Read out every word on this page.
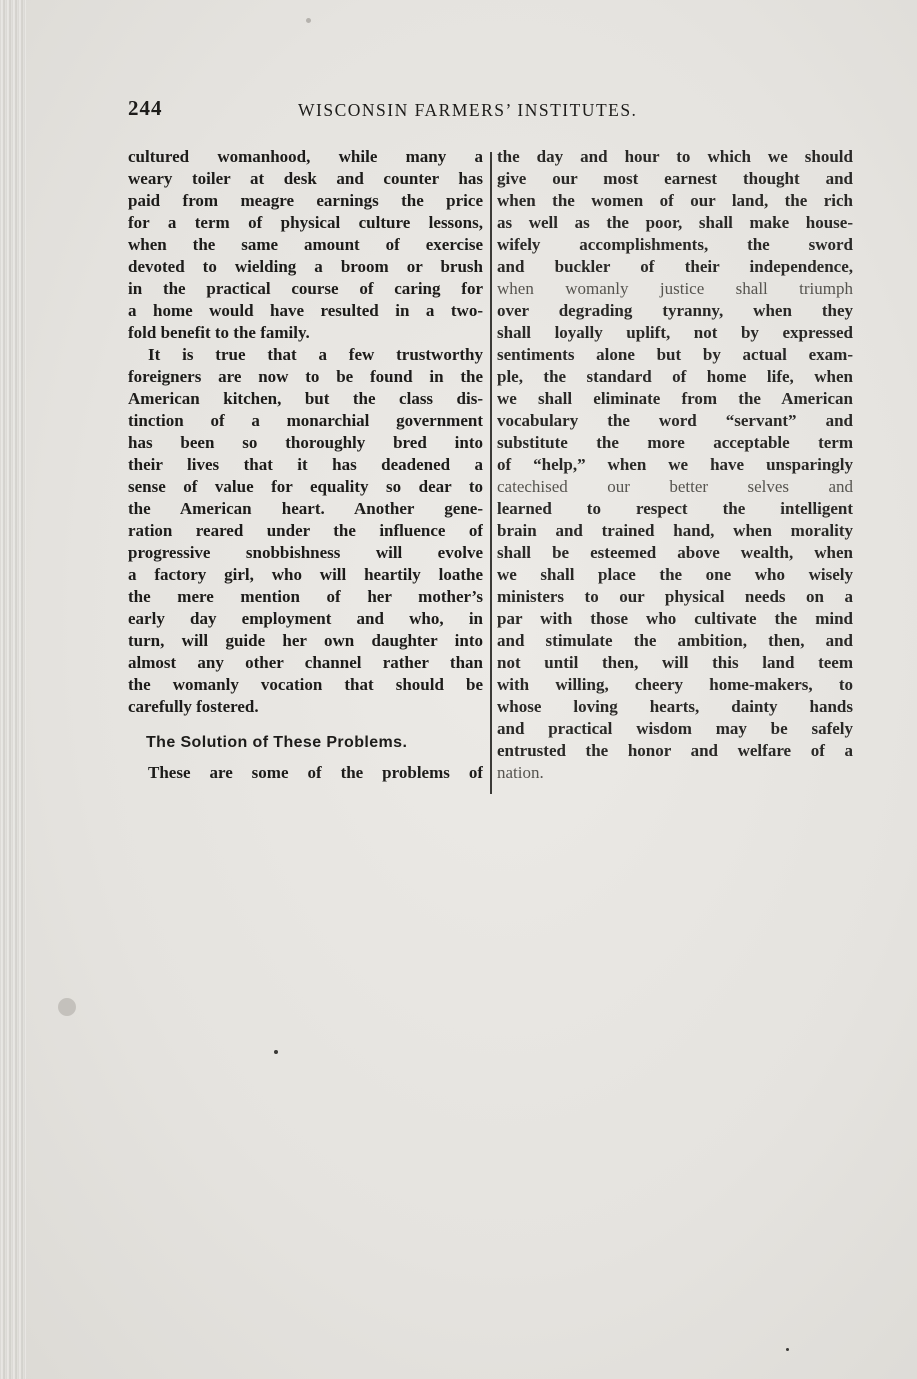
244	WISCONSIN FARMERS’ INSTITUTES.
cultured womanhood, while many a
weary toiler at desk and counter has
paid from meagre earnings the price
for a term of physical culture lessons,
when the same amount of exercise
devoted to wielding a broom or brush
in the practical course of caring for
a home would have resulted in a two-
fold benefit to the family.
It is true that a few trustworthy
foreigners are now to be found in the
American kitchen, but the class dis-
tinction of a monarchial government
has been so thoroughly bred into
their lives that it has deadened a
sense of value for equality so dear to
the American heart. Another gene-
ration reared under the influence of
progressive snobbishness will evolve
a factory girl, who will heartily loathe
the mere mention of her mother’s
early day employment and who, in
turn, will guide her own daughter into
almost any other channel rather than
the womanly vocation that should be
carefully fostered.
The Solution of These Problems.
These are some of the problems of
the day and hour to which we should
give our most earnest thought and
when the women of our land, the rich
as well as the poor, shall make house-
wifely accomplishments, the sword
and buckler of their independence,
when womanly justice shall triumph
over degrading tyranny, when they
shall loyally uplift, not by expressed
sentiments alone but by actual exam-
ple, the standard of home life, when
we shall eliminate from the American
vocabulary the word “servant” and
substitute the more acceptable term
of “help,” when we have unsparingly
catechised our better selves and
learned to respect the intelligent
brain and trained hand, when morality
shall be esteemed above wealth, when
we shall place the one who wisely
ministers to our physical needs on a
par with those who cultivate the mind
and stimulate the ambition, then, and
not until then, will this land teem
with willing, cheery home-makers, to
whose loving hearts, dainty hands
and practical wisdom may be safely
entrusted the honor and welfare of a
nation.
